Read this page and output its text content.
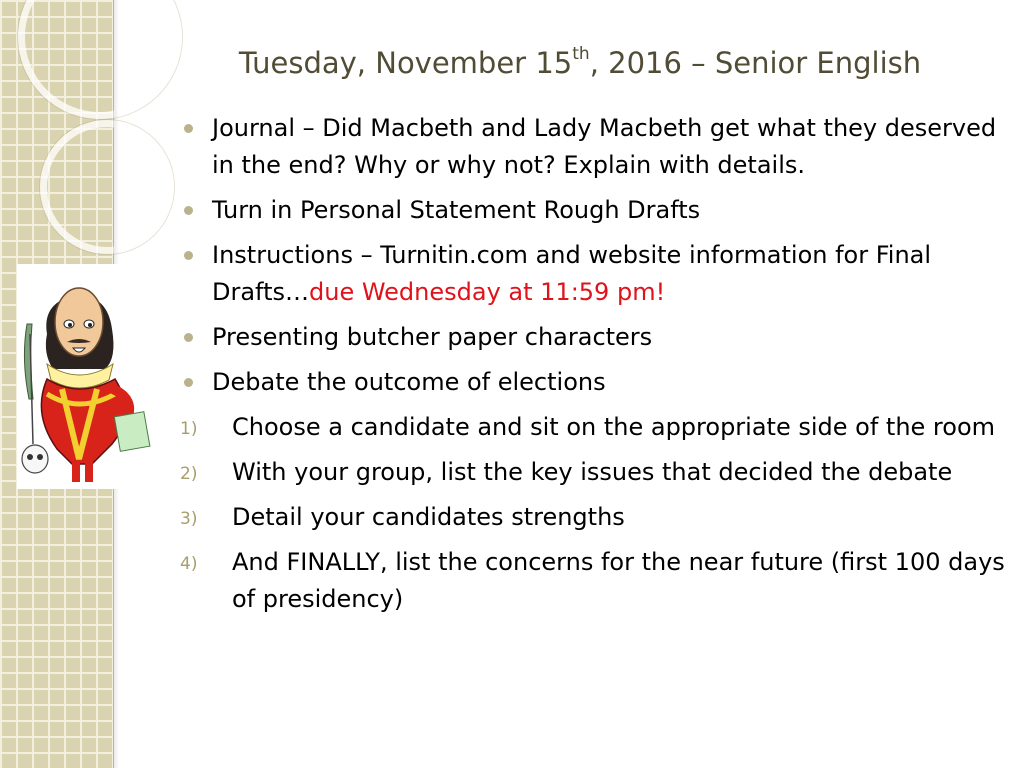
Tuesday, November 15th, 2016 – Senior English
Journal – Did Macbeth and Lady Macbeth get what they deserved in the end? Why or why not? Explain with details.
Turn in Personal Statement Rough Drafts
Instructions – Turnitin.com and website information for Final Drafts…due Wednesday at 11:59 pm!
Presenting butcher paper characters
Debate the outcome of elections
1) Choose a candidate and sit on the appropriate side of the room
2) With your group, list the key issues that decided the debate
3) Detail your candidates strengths
4) And FINALLY, list the concerns for the near future (first 100 days of presidency)
